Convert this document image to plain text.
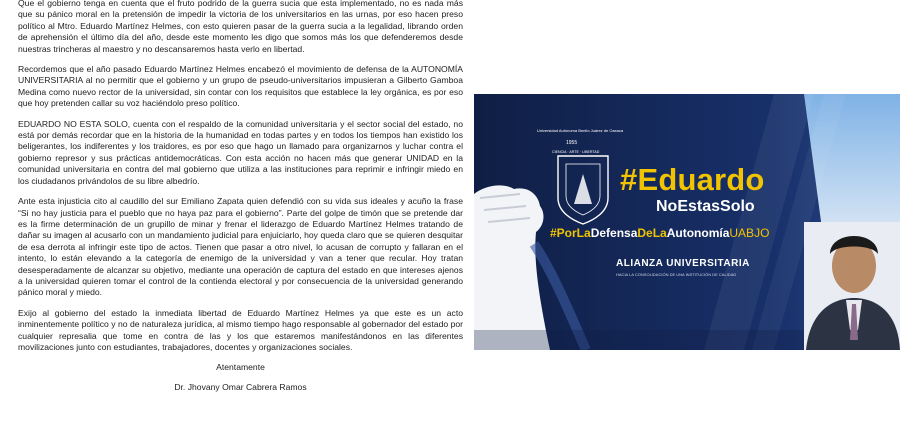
Que el gobierno tenga en cuenta que el fruto podrido de la guerra sucia que esta implementado, no es nada más que su pánico moral en la pretensión de impedir la victoria de los universitarios en las urnas, por eso hacen preso político al Mtro. Eduardo Martínez Helmes, con esto quieren pasar de la guerra sucia a la legalidad, librando orden de aprehensión el último día del año, desde este momento les digo que somos más los que defenderemos desde nuestras trincheras al maestro y no descansaremos hasta verlo en libertad.

Recordemos que el año pasado Eduardo Martínez Helmes encabezó el movimiento de defensa de la AUTONOMÍA UNIVERSITARIA al no permitir que el gobierno y un grupo de pseudo-universitarios impusieran a Gilberto Gamboa Medina como nuevo rector de la universidad, sin contar con los requisitos que establece la ley orgánica, es por eso que hoy pretenden callar su voz haciéndolo preso político.

EDUARDO NO ESTA SOLO, cuenta con el respaldo de la comunidad universitaria y el sector social del estado, no está por demás recordar que en la historia de la humanidad en todas partes y en todos los tiempos han existido los beligerantes, los indiferentes y los traidores, es por eso que hago un llamado para organizarnos y luchar contra el gobierno represor y sus prácticas antidemocráticas. Con esta acción no hacen más que generar UNIDAD en la comunidad universitaria en contra del mal gobierno que utiliza a las instituciones para reprimir e infringir miedo en los ciudadanos privándolos de su libre albedrío.

Ante esta injusticia cito al caudillo del sur Emiliano Zapata quien defendió con su vida sus ideales y acuño la frase “Si no hay justicia para el pueblo que no haya paz para el gobierno”. Parte del golpe de timón que se pretende dar es la firme determinación de un grupillo de minar y frenar el liderazgo de Eduardo Martínez Helmes tratando de dañar su imagen al acusarlo con un mandamiento judicial para enjuiciarlo, hoy queda claro que se quieren desquitar de esa derrota al infringir este tipo de actos. Tienen que pasar a otro nivel, lo acusan de corrupto y fallaran en el intento, lo están elevando a la categoría de enemigo de la universidad y van a tener que recular. Hoy tratan desesperadamente de alcanzar su objetivo, mediante una operación de captura del estado en que intereses ajenos a la universidad quieren tomar el control de la contienda electoral y por consecuencia de la universidad generando pánico moral y miedo.

Exijo al gobierno del estado la inmediata libertad de Eduardo Martínez Helmes ya que este es un acto inminentemente político y no de naturaleza jurídica, al mismo tiempo hago responsable al gobernador del estado por cualquier represalia que tome en contra de las y los que estaremos manifestándonos en las diferentes movilizaciones junto con estudiantes, trabajadores, docentes y organizaciones sociales.

Atentamente
Dr. Jhovany Omar Cabrera Ramos
Universidad Autónoma Benito Juárez de Oaxaca
1955
CIENCIA · ARTE · LIBERTAD
#Eduardo
NoEstasSolo
#PorLaDefensaDeLaAutonomíaUABJO
ALIANZA UNIVERSITARIA
HACIA LA CONSOLIDACIÓN DE UNA INSTITUCIÓN DE CALIDAD
